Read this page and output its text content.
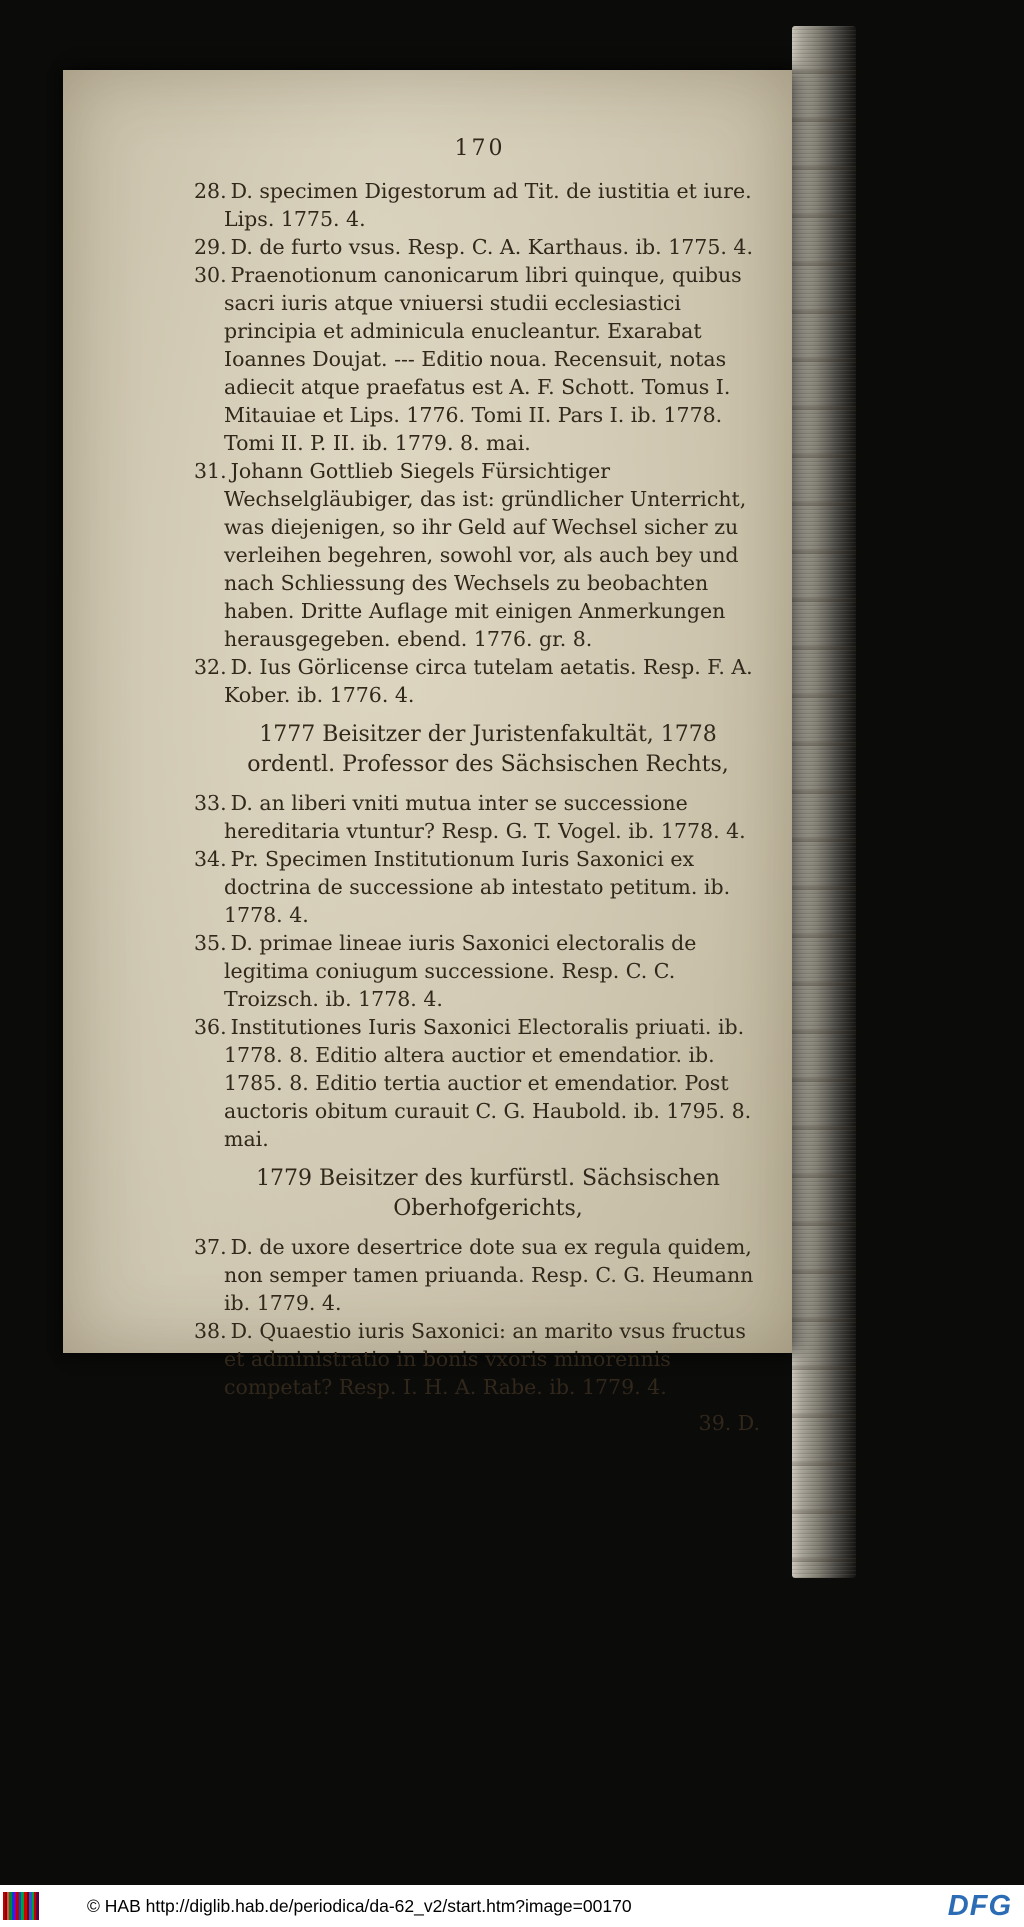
170
28. D. specimen Digestorum ad Tit. de iustitia et iure. Lips. 1775. 4.
29. D. de furto vsus. Resp. C. A. Karthaus. ib. 1775. 4.
30. Praenotionum canonicarum libri quinque, quibus sacri iuris atque vniuersi studii ecclesiastici principia et adminicula enucleantur. Exarabat Ioannes Doujat. --- Editio noua. Recensuit, notas adiecit atque praefatus est A. F. Schott. Tomus I. Mitauiae et Lips. 1776. Tomi II. Pars I. ib. 1778. Tomi II. P. II. ib. 1779. 8. mai.
31. Johann Gottlieb Siegels Fürsichtiger Wechselgläubiger, das ist: gründlicher Unterricht, was diejenigen, so ihr Geld auf Wechsel sicher zu verleihen begehren, sowohl vor, als auch bey und nach Schliessung des Wechsels zu beobachten haben. Dritte Auflage mit einigen Anmerkungen herausgegeben. ebend. 1776. gr. 8.
32. D. Ius Görlicense circa tutelam aetatis. Resp. F. A. Kober. ib. 1776. 4.
1777 Beisitzer der Juristenfakultät, 1778 ordentl. Professor des Sächsischen Rechts,
33. D. an liberi vniti mutua inter se successione hereditaria vtuntur? Resp. G. T. Vogel. ib. 1778. 4.
34. Pr. Specimen Institutionum Iuris Saxonici ex doctrina de successione ab intestato petitum. ib. 1778. 4.
35. D. primae lineae iuris Saxonici electoralis de legitima coniugum successione. Resp. C. C. Troizsch. ib. 1778. 4.
36. Institutiones Iuris Saxonici Electoralis priuati. ib. 1778. 8. Editio altera auctior et emendatior. ib. 1785. 8. Editio tertia auctior et emendatior. Post auctoris obitum curauit C. G. Haubold. ib. 1795. 8. mai.
1779 Beisitzer des kurfürstl. Sächsischen Oberhofgerichts,
37. D. de uxore desertrice dote sua ex regula quidem, non semper tamen priuanda. Resp. C. G. Heumann ib. 1779. 4.
38. D. Quaestio iuris Saxonici: an marito vsus fructus et administratio in bonis vxoris minorennis competat? Resp. I. H. A. Rabe. ib. 1779. 4.
39. D.
© HAB http://diglib.hab.de/periodica/da-62_v2/start.htm?image=00170	DFG
